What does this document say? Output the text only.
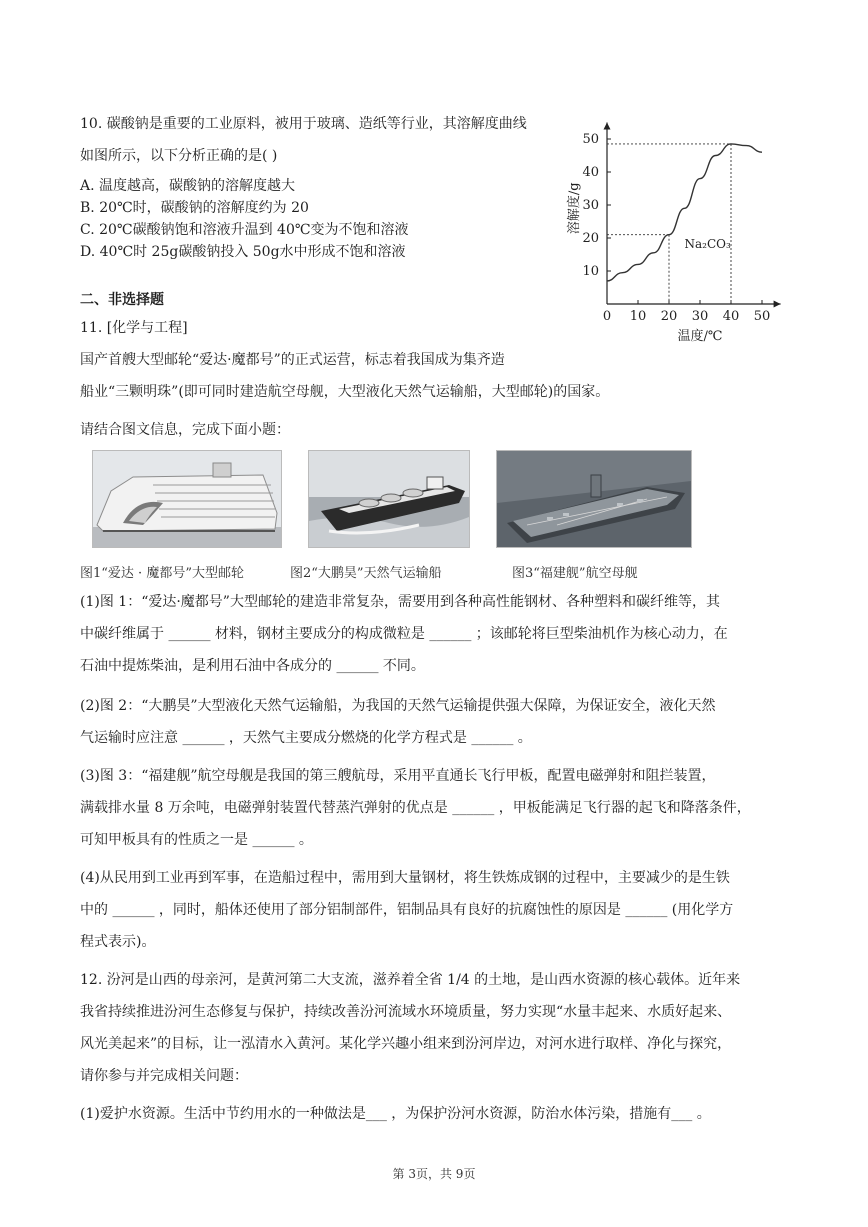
10. 碳酸钠是重要的工业原料，被用于玻璃、造纸等行业，其溶解度曲线
如图所示，以下分析正确的是( )
A. 温度越高，碳酸钠的溶解度越大
B. 20℃时，碳酸钠的溶解度约为 20
C. 20℃碳酸钠饱和溶液升温到 40℃变为不饱和溶液
D. 40℃时 25g碳酸钠投入 50g水中形成不饱和溶液
0 10 20 30 40 50
10
20
30
40
50
Na₂CO₃
溶解度/g
温度/℃
二、非选择题
11. [化学与工程]
国产首艘大型邮轮“爱达·魔都号”的正式运营，标志着我国成为集齐造
船业“三颗明珠”(即可同时建造航空母舰，大型液化天然气运输船，大型邮轮)的国家。
请结合图文信息，完成下面小题：
图1“爱达 · 魔都号”大型邮轮	图2“大鹏昊”天然气运输船	图3“福建舰”航空母舰
(1)图 1：“爱达·魔都号”大型邮轮的建造非常复杂，需要用到各种高性能钢材、各种塑料和碳纤维等，其
中碳纤维属于 ______ 材料，钢材主要成分的构成微粒是 ______ ；该邮轮将巨型柴油机作为核心动力，在
石油中提炼柴油，是利用石油中各成分的 ______ 不同。
(2)图 2：“大鹏昊”大型液化天然气运输船，为我国的天然气运输提供强大保障，为保证安全，液化天然
气运输时应注意 ______ ，天然气主要成分燃烧的化学方程式是 ______ 。
(3)图 3：“福建舰”航空母舰是我国的第三艘航母，采用平直通长飞行甲板，配置电磁弹射和阻拦装置，
满载排水量 8 万余吨，电磁弹射装置代替蒸汽弹射的优点是 ______ ，甲板能满足飞行器的起飞和降落条件，
可知甲板具有的性质之一是 ______ 。
(4)从民用到工业再到军事，在造船过程中，需用到大量钢材，将生铁炼成钢的过程中，主要减少的是生铁
中的 ______ ，同时，船体还使用了部分铝制部件，铝制品具有良好的抗腐蚀性的原因是 ______ (用化学方
程式表示)。
12. 汾河是山西的母亲河，是黄河第二大支流，滋养着全省 1/4 的土地，是山西水资源的核心载体。近年来
我省持续推进汾河生态修复与保护，持续改善汾河流域水环境质量，努力实现“水量丰起来、水质好起来、
风光美起来”的目标，让一泓清水入黄河。某化学兴趣小组来到汾河岸边，对河水进行取样、净化与探究，
请你参与并完成相关问题：
(1)爱护水资源。生活中节约用水的一种做法是___ ，为保护汾河水资源，防治水体污染，措施有___ 。
第 3页，共 9页
